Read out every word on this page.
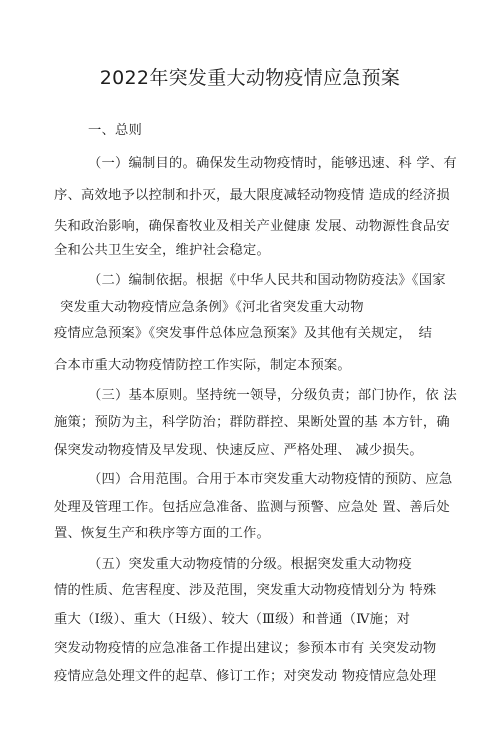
2022年突发重大动物疫情应急预案
一、总则
（一）编制目的。确保发生动物疫情时，能够迅速、科 学、有
序、高效地予以控制和扑灭，最大限度减轻动物疫情 造成的经济损
失和政治影响，确保畜牧业及相关产业健康 发展、动物源性食品安
全和公共卫生安全，维护社会稳定。
（二）编制依据。根据《中华人民共和国动物防疫法》《国家
突发重大动物疫情应急条例》《河北省突发重大动物
疫情应急预案》《突发事件总体应急预案》及其他有关规定，　结
合本市重大动物疫情防控工作实际，制定本预案。
（三）基本原则。坚持统一领导，分级负责；部门协作，依 法
施策；预防为主，科学防治；群防群控、果断处置的基 本方针，确
保突发动物疫情及早发现、快速反应、严格处理、 减少损失。
（四）合用范围。合用于本市突发重大动物疫情的预防、应急
处理及管理工作。包括应急准备、监测与预警、应急处 置、善后处
置、恢复生产和秩序等方面的工作。
（五）突发重大动物疫情的分级。根据突发重大动物疫
情的性质、危害程度、涉及范围，突发重大动物疫情划分为 特殊
重大（Ⅰ级）、重大（Ｈ级）、较大（Ⅲ级）和普通（Ⅳ施；对
突发动物疫情的应急准备工作提出建议；参预本市有 关突发动物
疫情应急处理文件的起草、修订工作；对突发动 物疫情应急处理
